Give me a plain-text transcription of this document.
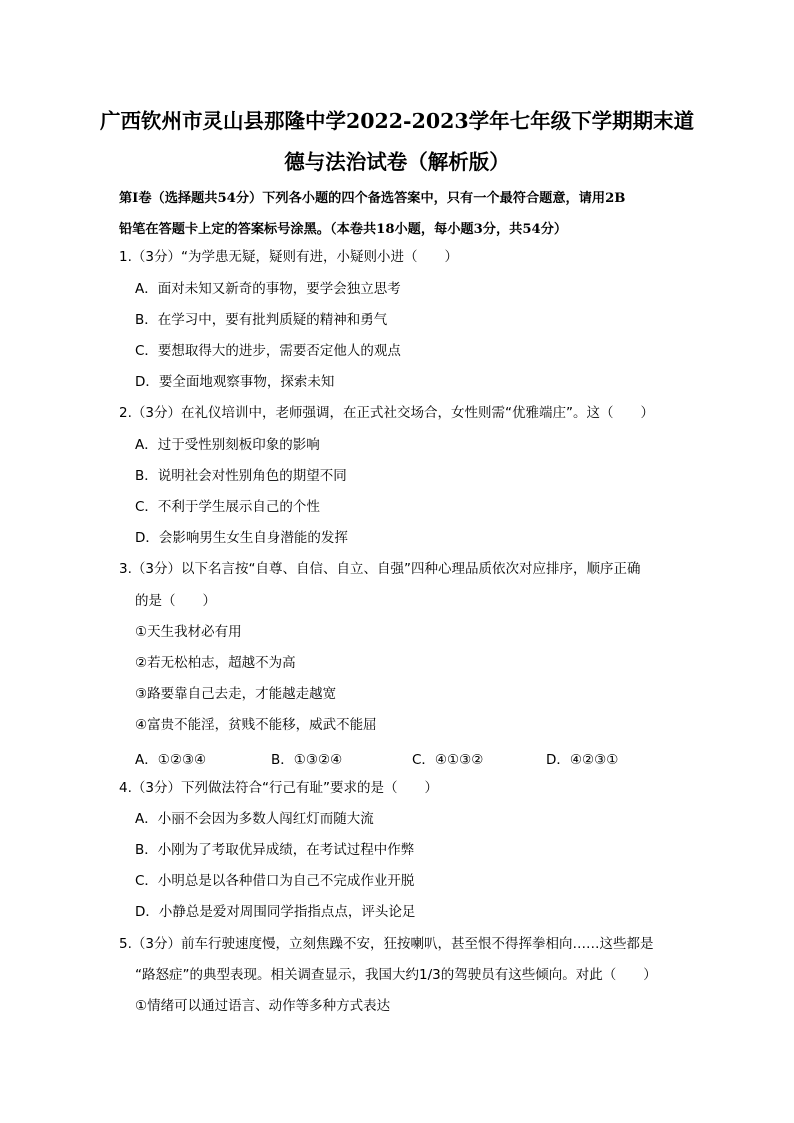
广西钦州市灵山县那隆中学2022-2023学年七年级下学期期末道
德与法治试卷（解析版）
第Ⅰ卷（选择题共54分）下列各小题的四个备选答案中，只有一个最符合题意，请用2B
铅笔在答题卡上定的答案标号涂黑。（本卷共18小题，每小题3分，共54分）
1.（3分）“为学患无疑，疑则有进，小疑则小进（　　）
A．面对未知又新奇的事物，要学会独立思考
B．在学习中，要有批判质疑的精神和勇气
C．要想取得大的进步，需要否定他人的观点
D．要全面地观察事物，探索未知
2.（3分）在礼仪培训中，老师强调，在正式社交场合，女性则需“优雅端庄”。这（　　）
A．过于受性别刻板印象的影响
B．说明社会对性别角色的期望不同
C．不利于学生展示自己的个性
D．会影响男生女生自身潜能的发挥
3.（3分）以下名言按“自尊、自信、自立、自强”四种心理品质依次对应排序，顺序正确
的是（　　）
①天生我材必有用
②若无松柏志，超越不为高
③路要靠自己去走，才能越走越宽
④富贵不能淫，贫贱不能移，威武不能屈
A．①②③④	B．①③②④	C．④①③②	D．④②③①
4.（3分）下列做法符合“行己有耻”要求的是（　　）
A．小丽不会因为多数人闯红灯而随大流
B．小刚为了考取优异成绩，在考试过程中作弊
C．小明总是以各种借口为自己不完成作业开脱
D．小静总是爱对周围同学指指点点，评头论足
5.（3分）前车行驶速度慢，立刻焦躁不安，狂按喇叭，甚至恨不得挥拳相向……这些都是
“路怒症”的典型表现。相关调查显示，我国大约1/3的驾驶员有这些倾向。对此（　　）
①情绪可以通过语言、动作等多种方式表达
